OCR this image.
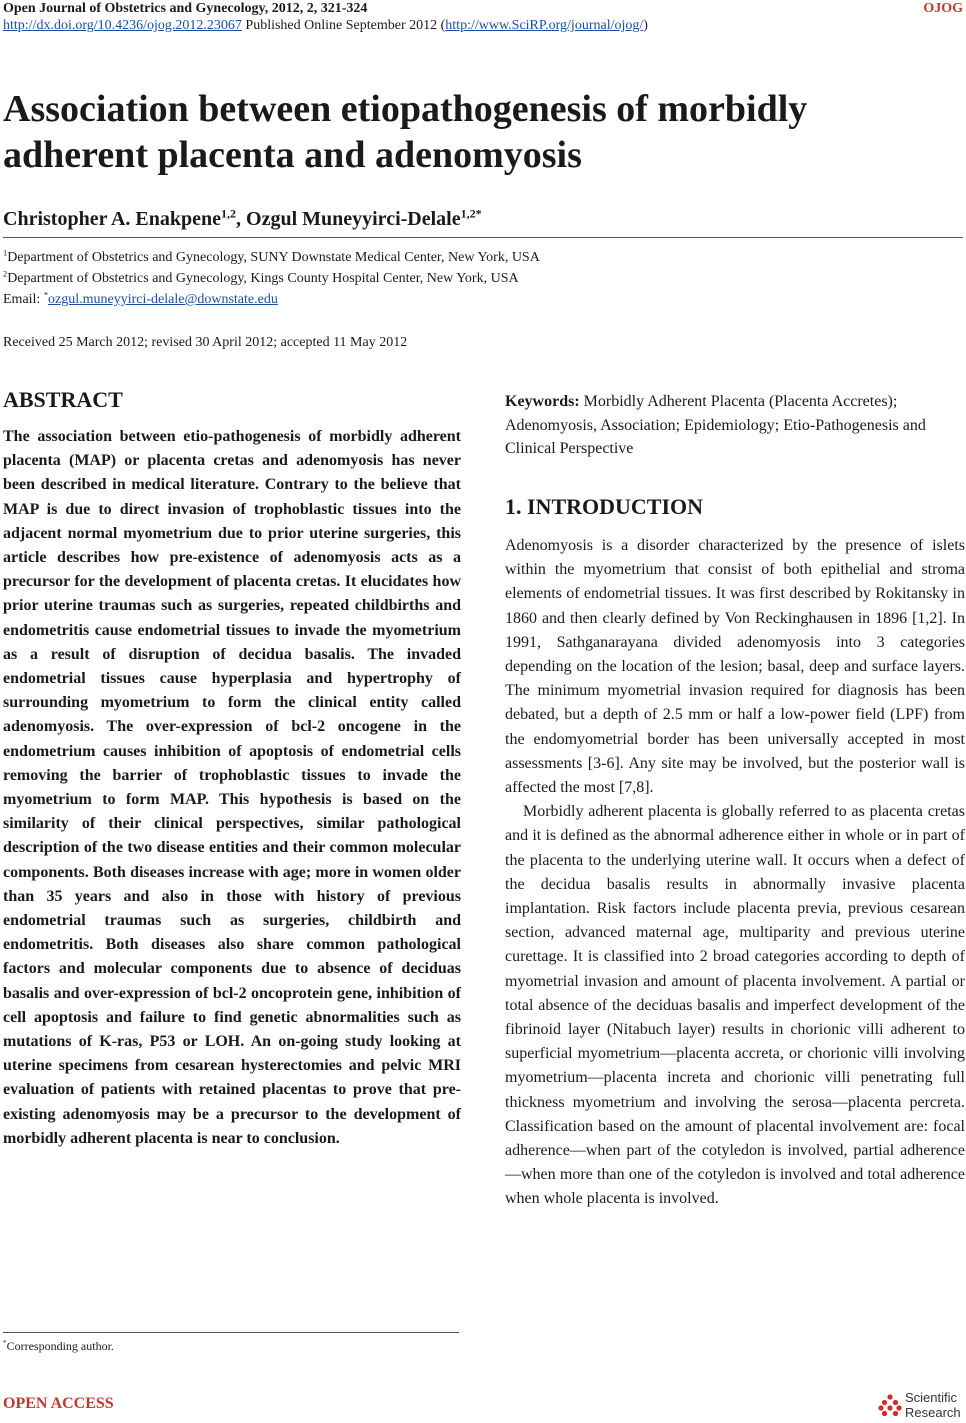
Open Journal of Obstetrics and Gynecology, 2012, 2, 321-324	OJOG
http://dx.doi.org/10.4236/ojog.2012.23067 Published Online September 2012 (http://www.SciRP.org/journal/ojog/)
Association between etiopathogenesis of morbidly adherent placenta and adenomyosis
Christopher A. Enakpene$^{1,2}$, Ozgul Muneyyirci-Delale$^{1,2*}$
$^1$Department of Obstetrics and Gynecology, SUNY Downstate Medical Center, New York, USA
$^2$Department of Obstetrics and Gynecology, Kings County Hospital Center, New York, USA
Email: *ozgul.muneyyirci-delale@downstate.edu
Received 25 March 2012; revised 30 April 2012; accepted 11 May 2012
ABSTRACT

The association between etio-pathogenesis of morbidly adherent placenta (MAP) or placenta cretas and adenomyosis has never been described in medical literature. Contrary to the believe that MAP is due to direct invasion of trophoblastic tissues into the adjacent normal myometrium due to prior uterine surgeries, this article describes how pre-existence of adenomyosis acts as a precursor for the development of placenta cretas. It elucidates how prior uterine traumas such as surgeries, repeated childbirths and endometritis cause endometrial tissues to invade the myometrium as a result of disruption of decidua basalis. The invaded endometrial tissues cause hyperplasia and hypertrophy of surrounding myometrium to form the clinical entity called adenomyosis. The over-expression of bcl-2 oncogene in the endometrium causes inhibition of apoptosis of endometrial cells removing the barrier of trophoblastic tissues to invade the myometrium to form MAP. This hypothesis is based on the similarity of their clinical perspectives, similar pathological description of the two disease entities and their common molecular components. Both diseases increase with age; more in women older than 35 years and also in those with history of previous endometrial traumas such as surgeries, childbirth and endometritis. Both diseases also share common pathological factors and molecular components due to absence of deciduas basalis and over-expression of bcl-2 oncoprotein gene, inhibition of cell apoptosis and failure to find genetic abnormalities such as mutations of K-ras, P53 or LOH. An on-going study looking at uterine specimens from cesarean hysterectomies and pelvic MRI evaluation of patients with retained placentas to prove that pre-existing adenomyosis may be a precursor to the development of morbidly adherent placenta is near to conclusion.

*Corresponding author.

Keywords: Morbidly Adherent Placenta (Placenta Accretes); Adenomyosis, Association; Epidemiology; Etio-Pathogenesis and Clinical Perspective

1. INTRODUCTION

Adenomyosis is a disorder characterized by the presence of islets within the myometrium that consist of both epithelial and stroma elements of endometrial tissues. It was first described by Rokitansky in 1860 and then clearly defined by Von Reckinghausen in 1896 [1,2]. In 1991, Sathganarayana divided adenomyosis into 3 categories depending on the location of the lesion; basal, deep and surface layers. The minimum myometrial invasion required for diagnosis has been debated, but a depth of 2.5 mm or half a low-power field (LPF) from the endomyometrial border has been universally accepted in most assessments [3-6]. Any site may be involved, but the posterior wall is affected the most [7,8].

Morbidly adherent placenta is globally referred to as placenta cretas and it is defined as the abnormal adherence either in whole or in part of the placenta to the underlying uterine wall. It occurs when a defect of the decidua basalis results in abnormally invasive placenta implantation. Risk factors include placenta previa, previous cesarean section, advanced maternal age, multiparity and previous uterine curettage. It is classified into 2 broad categories according to depth of myometrial invasion and amount of placenta involvement. A partial or total absence of the deciduas basalis and imperfect development of the fibrinoid layer (Nitabuch layer) results in chorionic villi adherent to superficial myometrium—placenta accreta, or chorionic villi involving myometrium—placenta increta and chorionic villi penetrating full thickness myometrium and involving the serosa—placenta percreta. Classification based on the amount of placental involvement are: focal adherence—when part of the cotyledon is involved, partial adherence—when more than one of the cotyledon is involved and total adherence when whole placenta is involved.

OPEN ACCESS	Scientific
Research
